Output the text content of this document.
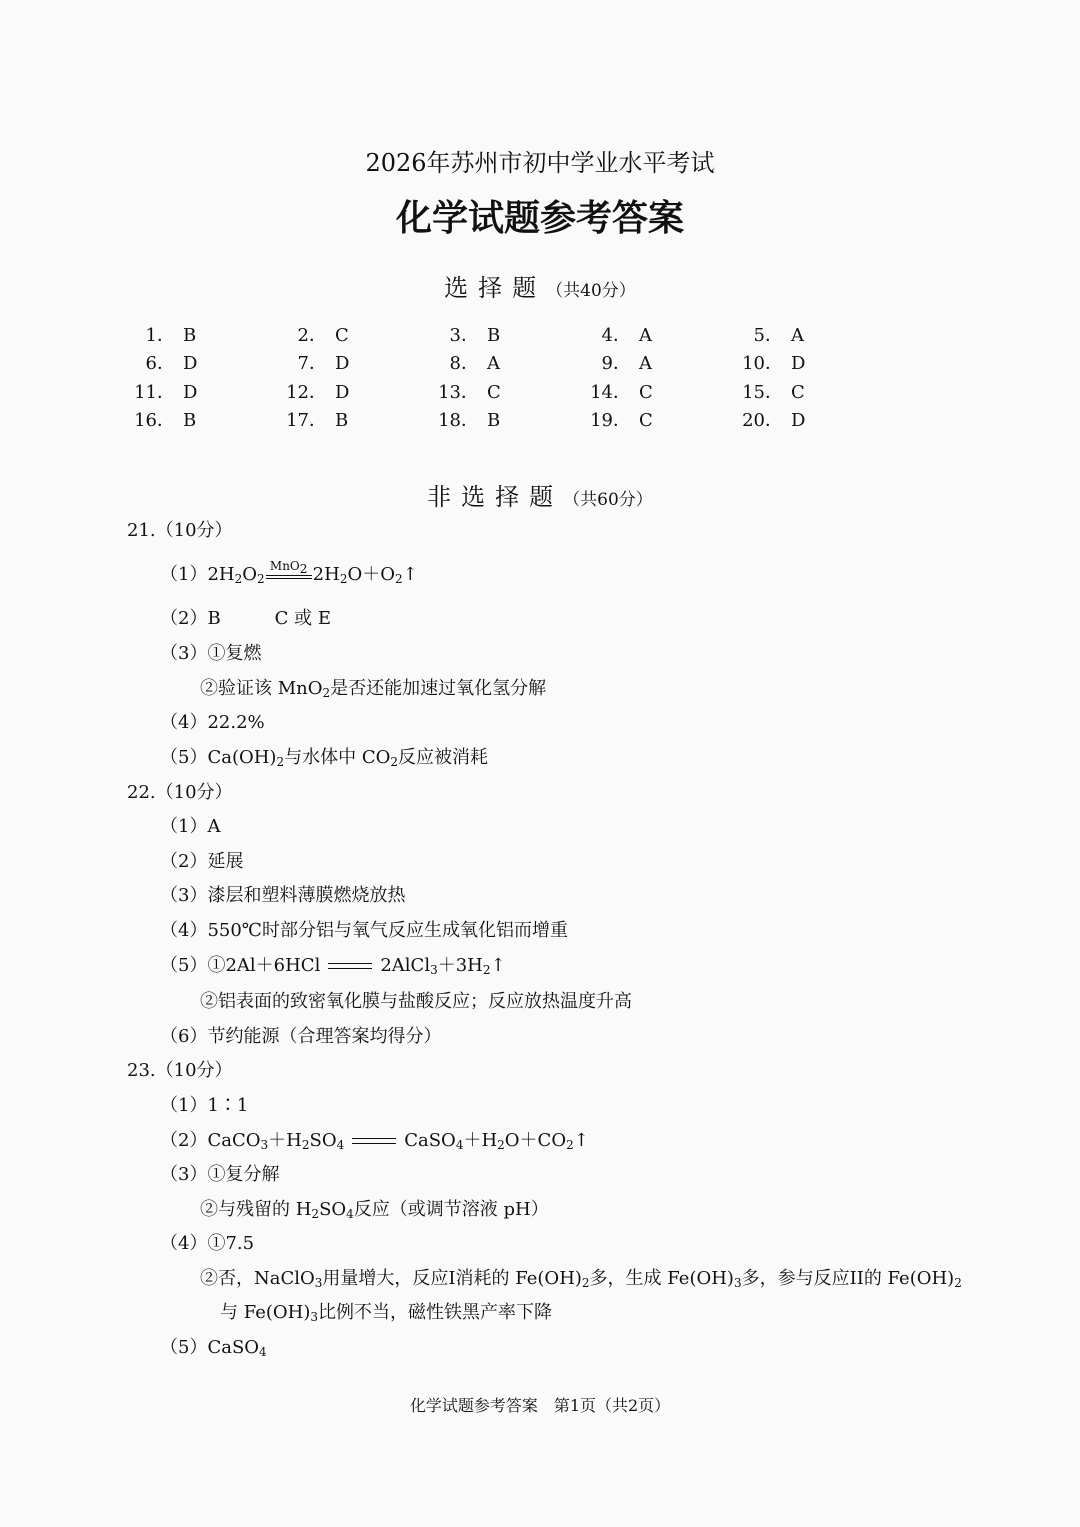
2026年苏州市初中学业水平考试
化学试题参考答案
选择题（共40分）
1． B	2． C	3． B	4． A	5． A
6． D	7． D	8． A	9． A	10． D
11． D	12． D	13． C	14． C	15． C
16． B	17． B	18． B	19． C	20． D
非选择题（共60分）
21.（10分）
$(1)2H_2O_2$
MnO$_2$ $2H_2O+O_2↑$
（2）B　　　C 或 E
（3）①复燃
②验证该 MnO$_2$是否还能加速过氧化氢分解
（4）22.2%
$(5)Ca(OH)_2$与水体中 $CO_2$反应被消耗
22.（10分）
（1）A
（2）延展
（3）漆层和塑料薄膜燃烧放热
（4）550℃时部分铝与氧气反应生成氧化铝而增重
（5）①2Al＋6HCl	$2AlCl_3+3H_2↑$
②铝表面的致密氧化膜与盐酸反应；反应放热温度升高
（6）节约能源（合理答案均得分）
23.（10分）
（1）1∶1
$(2)CaCO_3+H_2SO_4$	$CaSO_4+H_2O+CO_2↑$
（3）①复分解
②与残留的 $H_2SO_4$反应（或调节溶液 pH）
（4）①7.5
②否，NaClO$_3$用量增大，反应I消耗的 $Fe(OH)_2$多，生成 $Fe(OH)_3$多，参与反应II的 $Fe(OH)_2$
与 $Fe(OH)_3$比例不当，磁性铁黑产率下降
（5）CaSO$_4$
化学试题参考答案　第1页（共2页）
